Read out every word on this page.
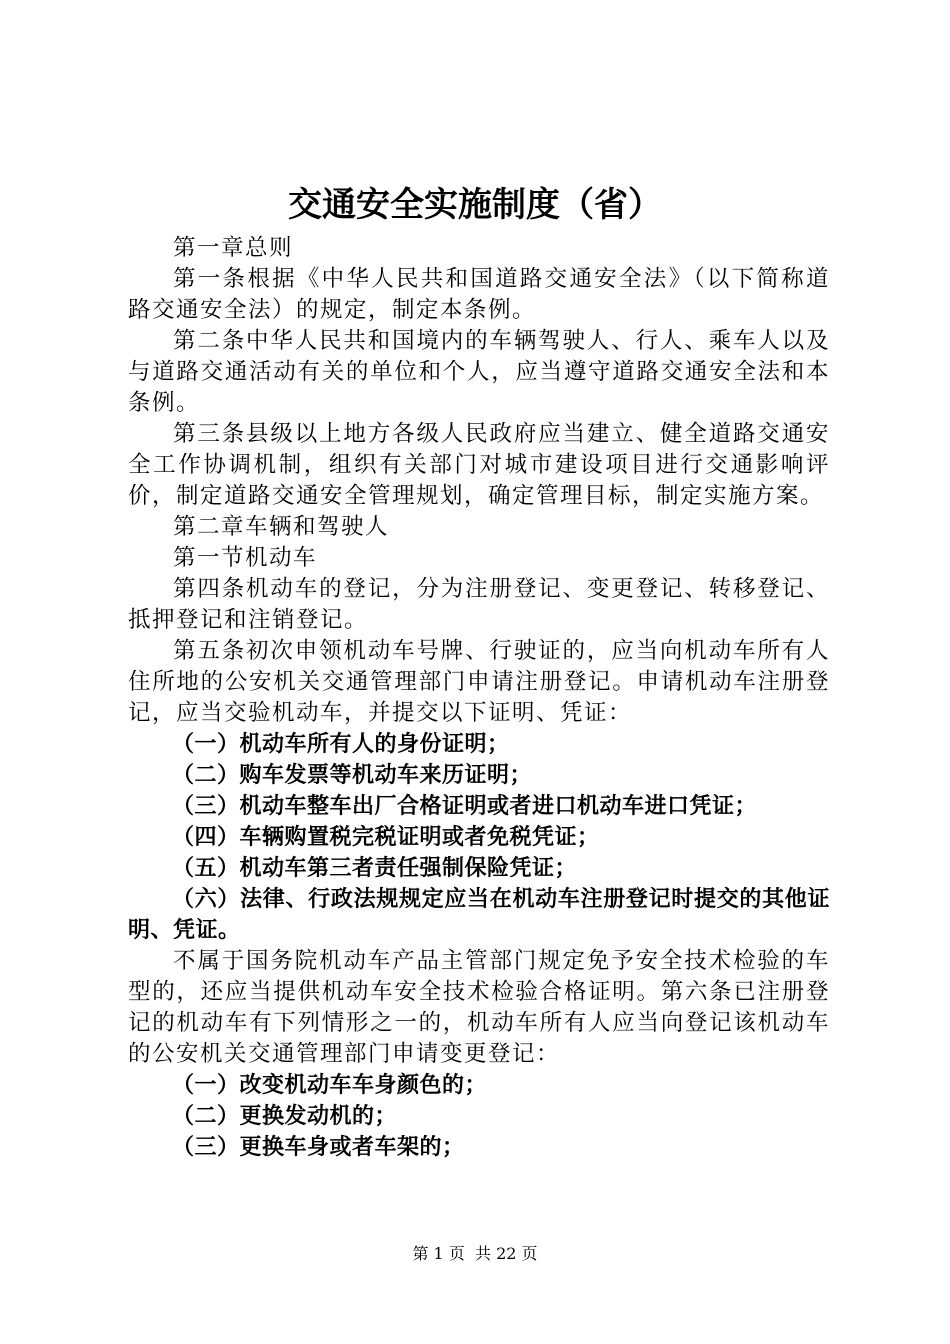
交通安全实施制度（省）

第一章总则

第一条根据《中华人民共和国道路交通安全法》（以下简称道路交通安全法）的规定，制定本条例。

第二条中华人民共和国境内的车辆驾驶人、行人、乘车人以及与道路交通活动有关的单位和个人，应当遵守道路交通安全法和本条例。

第三条县级以上地方各级人民政府应当建立、健全道路交通安全工作协调机制，组织有关部门对城市建设项目进行交通影响评价，制定道路交通安全管理规划，确定管理目标，制定实施方案。

第二章车辆和驾驶人

第一节机动车

第四条机动车的登记，分为注册登记、变更登记、转移登记、抵押登记和注销登记。

第五条初次申领机动车号牌、行驶证的，应当向机动车所有人住所地的公安机关交通管理部门申请注册登记。申请机动车注册登记，应当交验机动车，并提交以下证明、凭证：

（一）机动车所有人的身份证明；

（二）购车发票等机动车来历证明；

（三）机动车整车出厂合格证明或者进口机动车进口凭证；

（四）车辆购置税完税证明或者免税凭证；

（五）机动车第三者责任强制保险凭证；

（六）法律、行政法规规定应当在机动车注册登记时提交的其他证明、凭证。

不属于国务院机动车产品主管部门规定免予安全技术检验的车型的，还应当提供机动车安全技术检验合格证明。第六条已注册登记的机动车有下列情形之一的，机动车所有人应当向登记该机动车的公安机关交通管理部门申请变更登记：

（一）改变机动车车身颜色的；

（二）更换发动机的；

（三）更换车身或者车架的；

第 1 页  共 22 页
